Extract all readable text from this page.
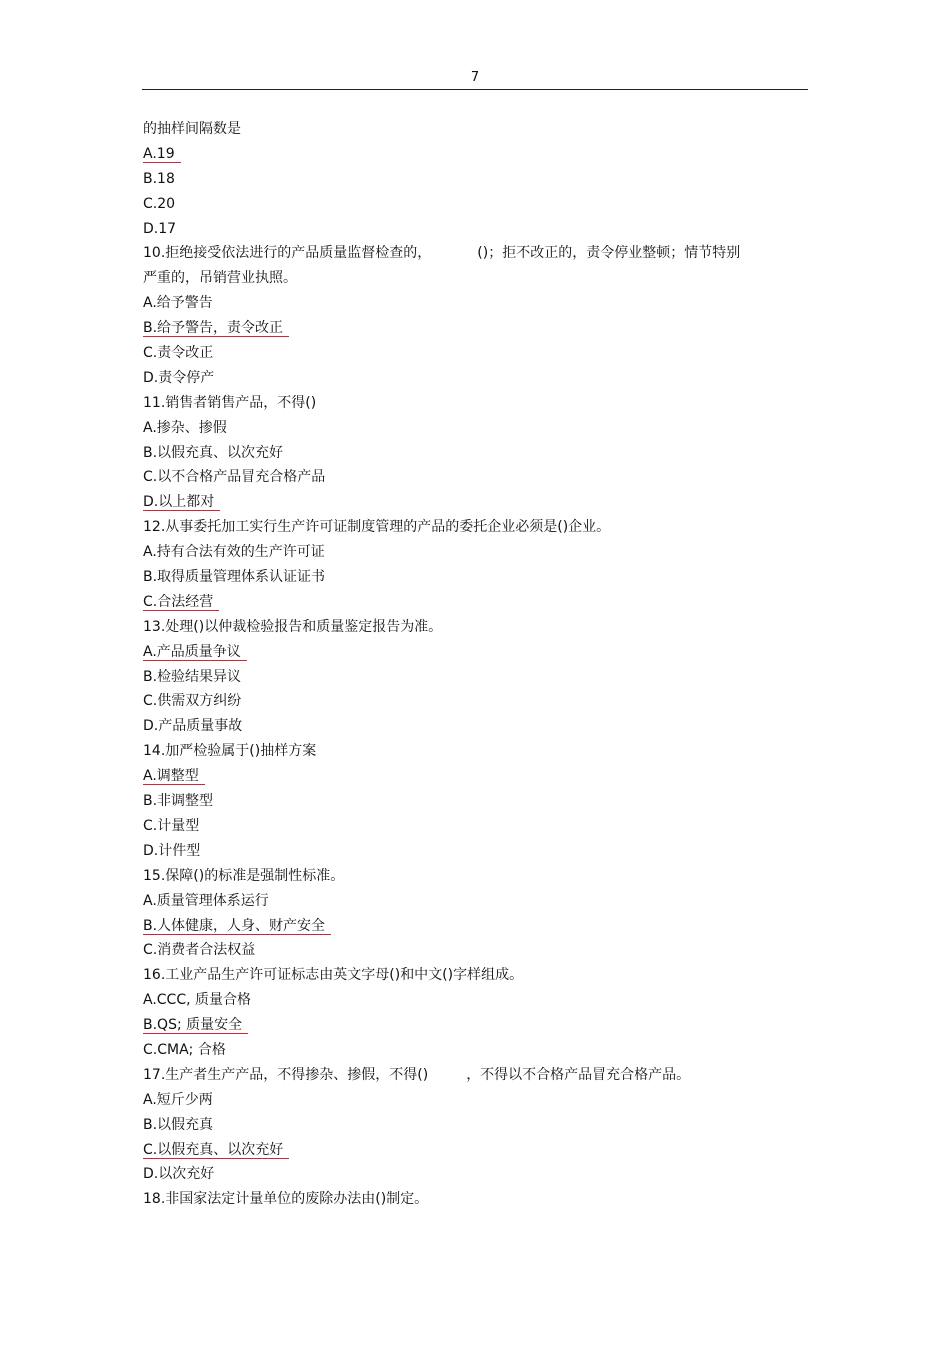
7
的抽样间隔数是
A.19
B.18
C.20
D.17
10.拒绝接受依法进行的产品质量监督检查的，	()；拒不改正的，责令停业整顿；情节特别
严重的，吊销营业执照。
A.给予警告
B.给予警告，责令改正
C.责令改正
D.责令停产
11.销售者销售产品，不得()
A.掺杂、掺假
B.以假充真、以次充好
C.以不合格产品冒充合格产品
D.以上都对
12.从事委托加工实行生产许可证制度管理的产品的委托企业必须是()企业。
A.持有合法有效的生产许可证
B.取得质量管理体系认证证书
C.合法经营
13.处理()以仲裁检验报告和质量鉴定报告为准。
A.产品质量争议
B.检验结果异议
C.供需双方纠纷
D.产品质量事故
14.加严检验属于()抽样方案
A.调整型
B.非调整型
C.计量型
D.计件型
15.保障()的标准是强制性标准。
A.质量管理体系运行
B.人体健康，人身、财产安全
C.消费者合法权益
16.工业产品生产许可证标志由英文字母()和中文()字样组成。
A.CCC, 质量合格
B.QS; 质量安全
C.CMA; 合格
17.生产者生产产品，不得掺杂、掺假，不得()	，不得以不合格产品冒充合格产品。
A.短斤少两
B.以假充真
C.以假充真、以次充好
D.以次充好
18.非国家法定计量单位的废除办法由()制定。
